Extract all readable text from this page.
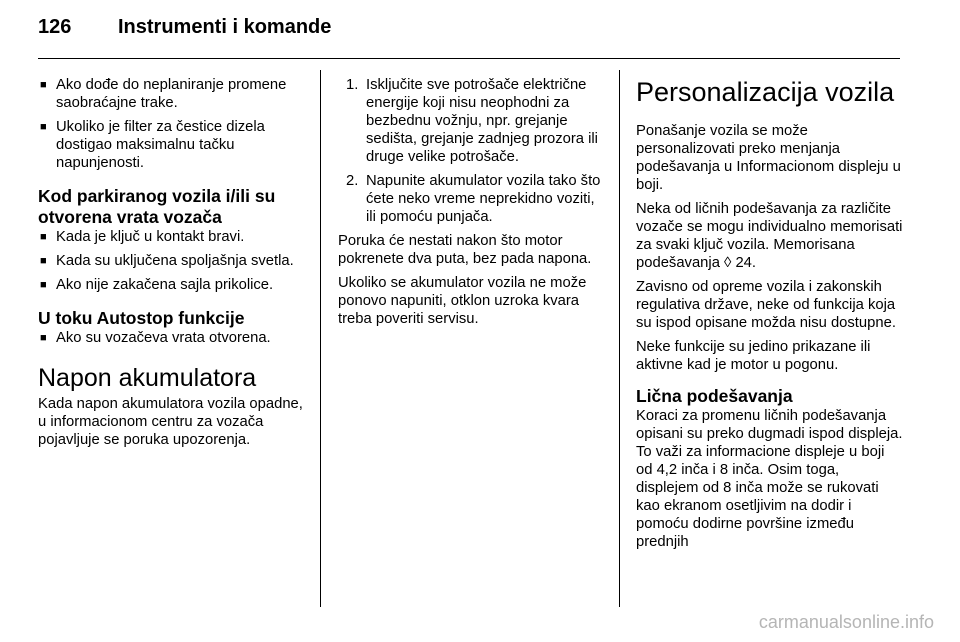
126	Instrumenti i komande
■ Ako dođe do neplaniranje promene saobraćajne trake.
■ Ukoliko je filter za čestice dizela dostigao maksimalnu tačku napunjenosti.
Kod parkiranog vozila i/ili su otvorena vrata vozača
■ Kada je ključ u kontakt bravi.
■ Kada su uključena spoljašnja svetla.
■ Ako nije zakačena sajla prikolice.
U toku Autostop funkcije
■ Ako su vozačeva vrata otvorena.
Napon akumulatora
Kada napon akumulatora vozila opadne, u informacionom centru za vozača pojavljuje se poruka upozorenja.
1. Isključite sve potrošače električne energije koji nisu neophodni za bezbednu vožnju, npr. grejanje sedišta, grejanje zadnjeg prozora ili druge velike potrošače.
2. Napunite akumulator vozila tako što ćete neko vreme neprekidno voziti, ili pomoću punjača.
Poruka će nestati nakon što motor pokrenete dva puta, bez pada napona.
Ukoliko se akumulator vozila ne može ponovo napuniti, otklon uzroka kvara treba poveriti servisu.
Personalizacija vozila
Ponašanje vozila se može personalizovati preko menjanja podešavanja u Informacionom displeju u boji.
Neka od ličnih podešavanja za različite vozače se mogu individualno memorisati za svaki ključ vozila. Memorisana podešavanja ◊ 24.
Zavisno od opreme vozila i zakonskih regulativa države, neke od funkcija koja su ispod opisane možda nisu dostupne.
Neke funkcije su jedino prikazane ili aktivne kad je motor u pogonu.
Lična podešavanja
Koraci za promenu ličnih podešavanja opisani su preko dugmadi ispod displeja. To važi za informacione displeje u boji od 4,2 inča i 8 inča. Osim toga, displejem od 8 inča može se rukovati kao ekranom osetljivim na dodir i pomoću dodirne površine između prednjih
carmanualsonline.info
